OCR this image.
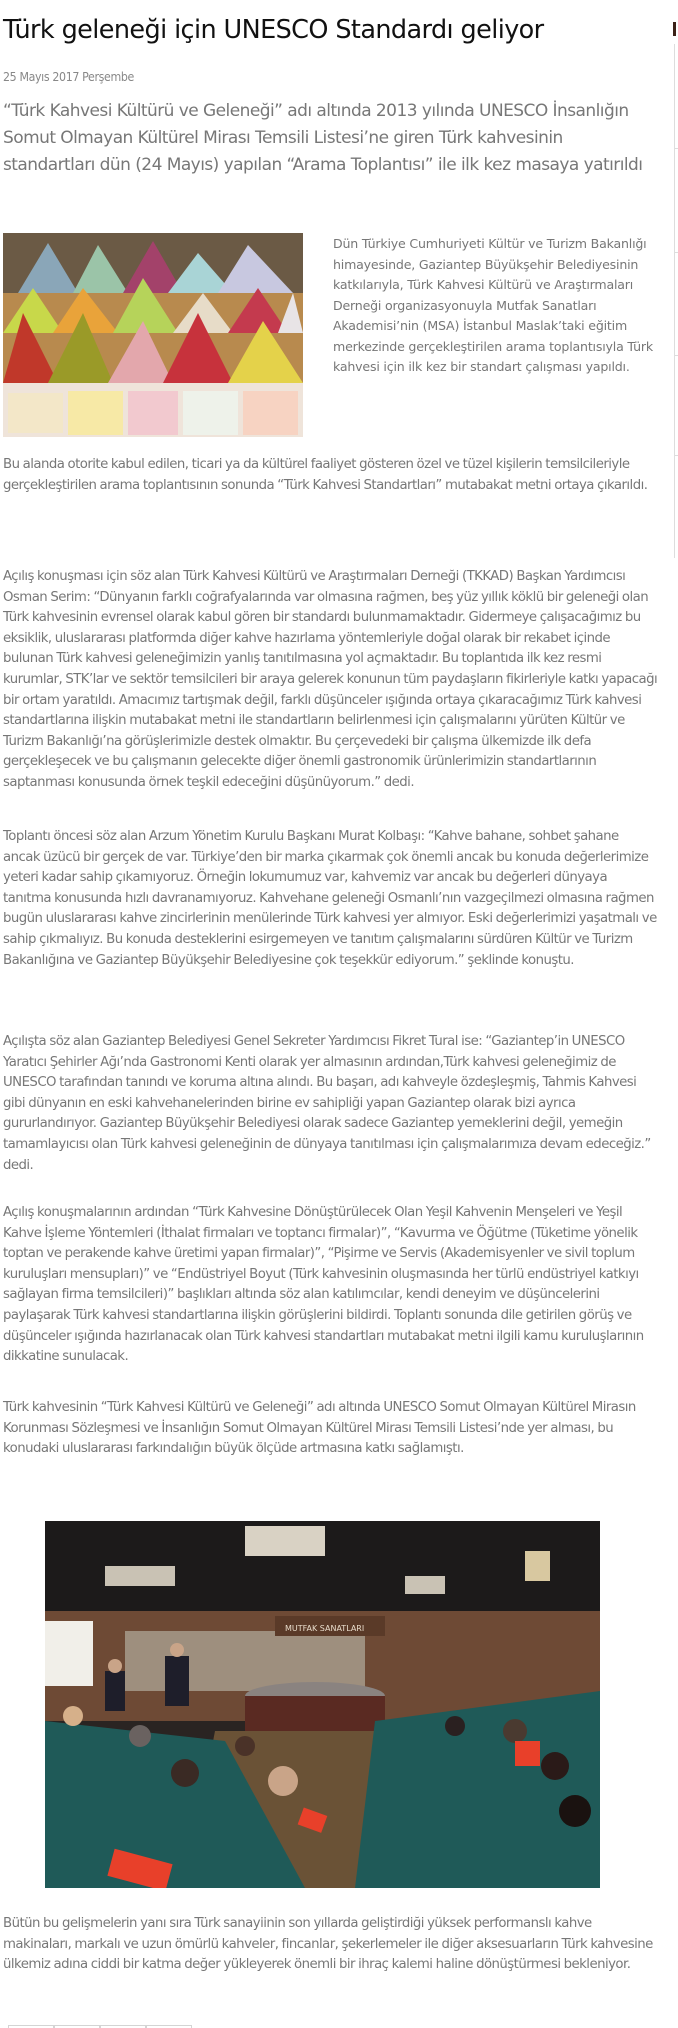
Türk geleneği için UNESCO Standardı geliyor
25 Mayıs 2017 Perşembe

“Türk Kahvesi Kültürü ve Geleneği” adı altında 2013 yılında UNESCO İnsanlığın Somut Olmayan Kültürel Mirası Temsili Listesi’ne giren Türk kahvesinin standartları dün (24 Mayıs) yapılan “Arama Toplantısı” ile ilk kez masaya yatırıldı

Dün Türkiye Cumhuriyeti Kültür ve Turizm Bakanlığı himayesinde, Gaziantep Büyükşehir Belediyesinin katkılarıyla, Türk Kahvesi Kültürü ve Araştırmaları Derneği organizasyonuyla Mutfak Sanatları Akademisi’nin (MSA) İstanbul Maslak’taki eğitim merkezinde gerçekleştirilen arama toplantısıyla Türk kahvesi için ilk kez bir standart çalışması yapıldı.

Bu alanda otorite kabul edilen, ticari ya da kültürel faaliyet gösteren özel ve tüzel kişilerin temsilcileriyle gerçekleştirilen arama toplantısının sonunda “Türk Kahvesi Standartları” mutabakat metni ortaya çıkarıldı.

Açılış konuşması için söz alan Türk Kahvesi Kültürü ve Araştırmaları Derneği (TKKAD) Başkan Yardımcısı Osman Serim: “Dünyanın farklı coğrafyalarında var olmasına rağmen, beş yüz yıllık köklü bir geleneği olan Türk kahvesinin evrensel olarak kabul gören bir standardı bulunmamaktadır. Gidermeye çalışacağımız bu eksiklik, uluslararası platformda diğer kahve hazırlama yöntemleriyle doğal olarak bir rekabet içinde bulunan Türk kahvesi geleneğimizin yanlış tanıtılmasına yol açmaktadır. Bu toplantıda ilk kez resmi kurumlar, STK’lar ve sektör temsilcileri bir araya gelerek konunun tüm paydaşların fikirleriyle katkı yapacağı bir ortam yaratıldı. Amacımız tartışmak değil, farklı düşünceler ışığında ortaya çıkaracağımız Türk kahvesi standartlarına ilişkin mutabakat metni ile standartların belirlenmesi için çalışmalarını yürüten Kültür ve Turizm Bakanlığı’na görüşlerimizle destek olmaktır. Bu çerçevedeki bir çalışma ülkemizde ilk defa gerçekleşecek ve bu çalışmanın gelecekte diğer önemli gastronomik ürünlerimizin standartlarının saptanması konusunda örnek teşkil edeceğini düşünüyorum.” dedi.

Toplantı öncesi söz alan Arzum Yönetim Kurulu Başkanı Murat Kolbaşı: “Kahve bahane, sohbet şahane ancak üzücü bir gerçek de var. Türkiye’den bir marka çıkarmak çok önemli ancak bu konuda değerlerimize yeteri kadar sahip çıkamıyoruz. Örneğin lokumumuz var, kahvemiz var ancak bu değerleri dünyaya tanıtma konusunda hızlı davranamıyoruz. Kahvehane geleneği Osmanlı’nın vazgeçilmezi olmasına rağmen bugün uluslararası kahve zincirlerinin menülerinde Türk kahvesi yer almıyor. Eski değerlerimizi yaşatmalı ve sahip çıkmalıyız. Bu konuda desteklerini esirgemeyen ve tanıtım çalışmalarını sürdüren Kültür ve Turizm Bakanlığına ve Gaziantep Büyükşehir Belediyesine çok teşekkür ediyorum.” şeklinde konuştu.

Açılışta söz alan Gaziantep Belediyesi Genel Sekreter Yardımcısı Fikret Tural ise: “Gaziantep’in UNESCO Yaratıcı Şehirler Ağı’nda Gastronomi Kenti olarak yer almasının ardından,Türk kahvesi geleneğimiz de UNESCO tarafından tanındı ve koruma altına alındı. Bu başarı, adı kahveyle özdeşleşmiş, Tahmis Kahvesi gibi dünyanın en eski kahvehanelerinden birine ev sahipliği yapan Gaziantep olarak bizi ayrıca gururlandırıyor. Gaziantep Büyükşehir Belediyesi olarak sadece Gaziantep yemeklerini değil, yemeğin tamamlayıcısı olan Türk kahvesi geleneğinin de dünyaya tanıtılması için çalışmalarımıza devam edeceğiz.” dedi.

Açılış konuşmalarının ardından “Türk Kahvesine Dönüştürülecek Olan Yeşil Kahvenin Menşeleri ve Yeşil Kahve İşleme Yöntemleri (İthalat firmaları ve toptancı firmalar)”, “Kavurma ve Öğütme (Tüketime yönelik toptan ve perakende kahve üretimi yapan firmalar)”, “Pişirme ve Servis (Akademisyenler ve sivil toplum kuruluşları mensupları)” ve “Endüstriyel Boyut (Türk kahvesinin oluşmasında her türlü endüstriyel katkıyı sağlayan firma temsilcileri)” başlıkları altında söz alan katılımcılar, kendi deneyim ve düşüncelerini paylaşarak Türk kahvesi standartlarına ilişkin görüşlerini bildirdi. Toplantı sonunda dile getirilen görüş ve düşünceler ışığında hazırlanacak olan Türk kahvesi standartları mutabakat metni ilgili kamu kuruluşlarının dikkatine sunulacak.

Türk kahvesinin “Türk Kahvesi Kültürü ve Geleneği” adı altında UNESCO Somut Olmayan Kültürel Mirasın Korunması Sözleşmesi ve İnsanlığın Somut Olmayan Kültürel Mirası Temsili Listesi’nde yer alması, bu konudaki uluslararası farkındalığın büyük ölçüde artmasına katkı sağlamıştı.

MUTFAK SANATLARI

Bütün bu gelişmelerin yanı sıra Türk sanayiinin son yıllarda geliştirdiği yüksek performanslı kahve makinaları, markalı ve uzun ömürlü kahveler, fincanlar, şekerlemeler ile diğer aksesuarların Türk kahvesine ülkemiz adına ciddi bir katma değer yükleyerek önemli bir ihraç kalemi haline dönüştürmesi bekleniyor.
